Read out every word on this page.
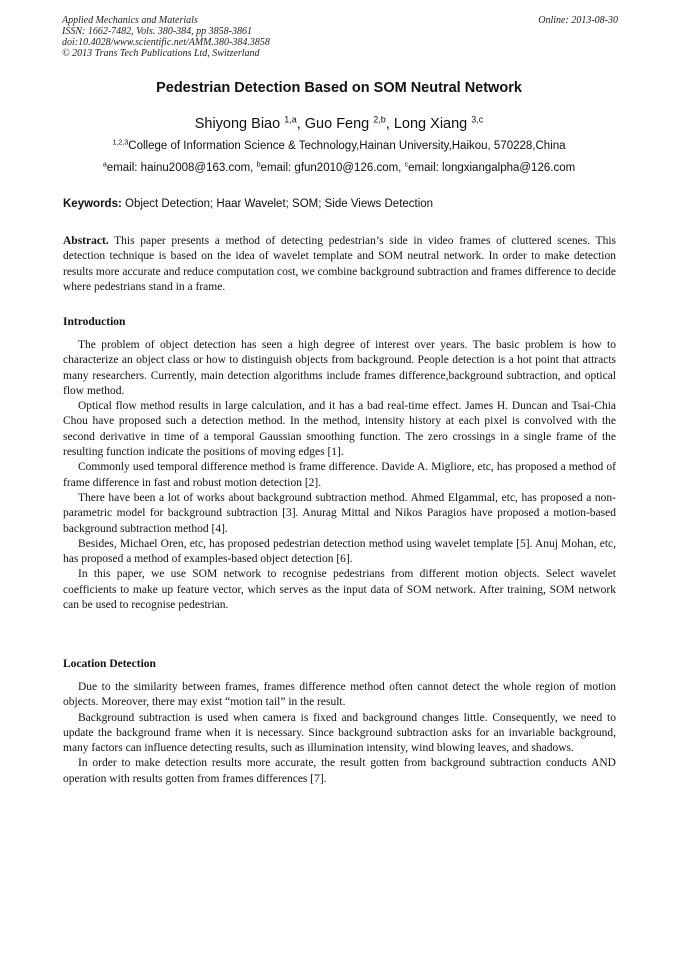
Applied Mechanics and Materials	Online: 2013-08-30
ISSN: 1662-7482, Vols. 380-384, pp 3858-3861
doi:10.4028/www.scientific.net/AMM.380-384.3858
© 2013 Trans Tech Publications Ltd, Switzerland
Pedestrian Detection Based on SOM Neutral Network
Shiyong Biao $^{1,a}$, Guo Feng $^{2,b}$, Long Xiang $^{3,c}$
$^{1,2,3}$College of Information Science & Technology,Hainan University,Haikou, 570228,China
$^a$email: hainu2008@163.com, $^b$email: gfun2010@126.com, $^c$email: longxiangalpha@126.com
Keywords: Object Detection; Haar Wavelet; SOM; Side Views Detection
Abstract. This paper presents a method of detecting pedestrian’s side in video frames of cluttered scenes. This detection technique is based on the idea of wavelet template and SOM neutral network. In order to make detection results more accurate and reduce computation cost, we combine background subtraction and frames difference to decide where pedestrians stand in a frame.
Introduction

The problem of object detection has seen a high degree of interest over years. The basic problem is how to characterize an object class or how to distinguish objects from background. People detection is a hot point that attracts many researchers. Currently, main detection algorithms include frames difference,background subtraction, and optical flow method.

Optical flow method results in large calculation, and it has a bad real-time effect. James H. Duncan and Tsai-Chia Chou have proposed such a detection method. In the method, intensity history at each pixel is convolved with the second derivative in time of a temporal Gaussian smoothing function. The zero crossings in a single frame of the resulting function indicate the positions of moving edges [1].

Commonly used temporal difference method is frame difference. Davide A. Migliore, etc, has proposed a method of frame difference in fast and robust motion detection [2].

There have been a lot of works about background subtraction method. Ahmed Elgammal, etc, has proposed a non-parametric model for background subtraction [3]. Anurag Mittal and Nikos Paragios have proposed a motion-based background subtraction method [4].

Besides, Michael Oren, etc, has proposed pedestrian detection method using wavelet template [5]. Anuj Mohan, etc, has proposed a method of examples-based object detection [6].

In this paper, we use SOM network to recognise pedestrians from different motion objects. Select wavelet coefficients to make up feature vector, which serves as the input data of SOM network. After training, SOM network can be used to recognise pedestrian.

Location Detection

Due to the similarity between frames, frames difference method often cannot detect the whole region of motion objects. Moreover, there may exist “motion tail” in the result.

Background subtraction is used when camera is fixed and background changes little. Consequently, we need to update the background frame when it is necessary. Since background subtraction asks for an invariable background, many factors can influence detecting results, such as illumination intensity, wind blowing leaves, and shadows.

In order to make detection results more accurate, the result gotten from background subtraction conducts AND operation with results gotten from frames differences [7].
